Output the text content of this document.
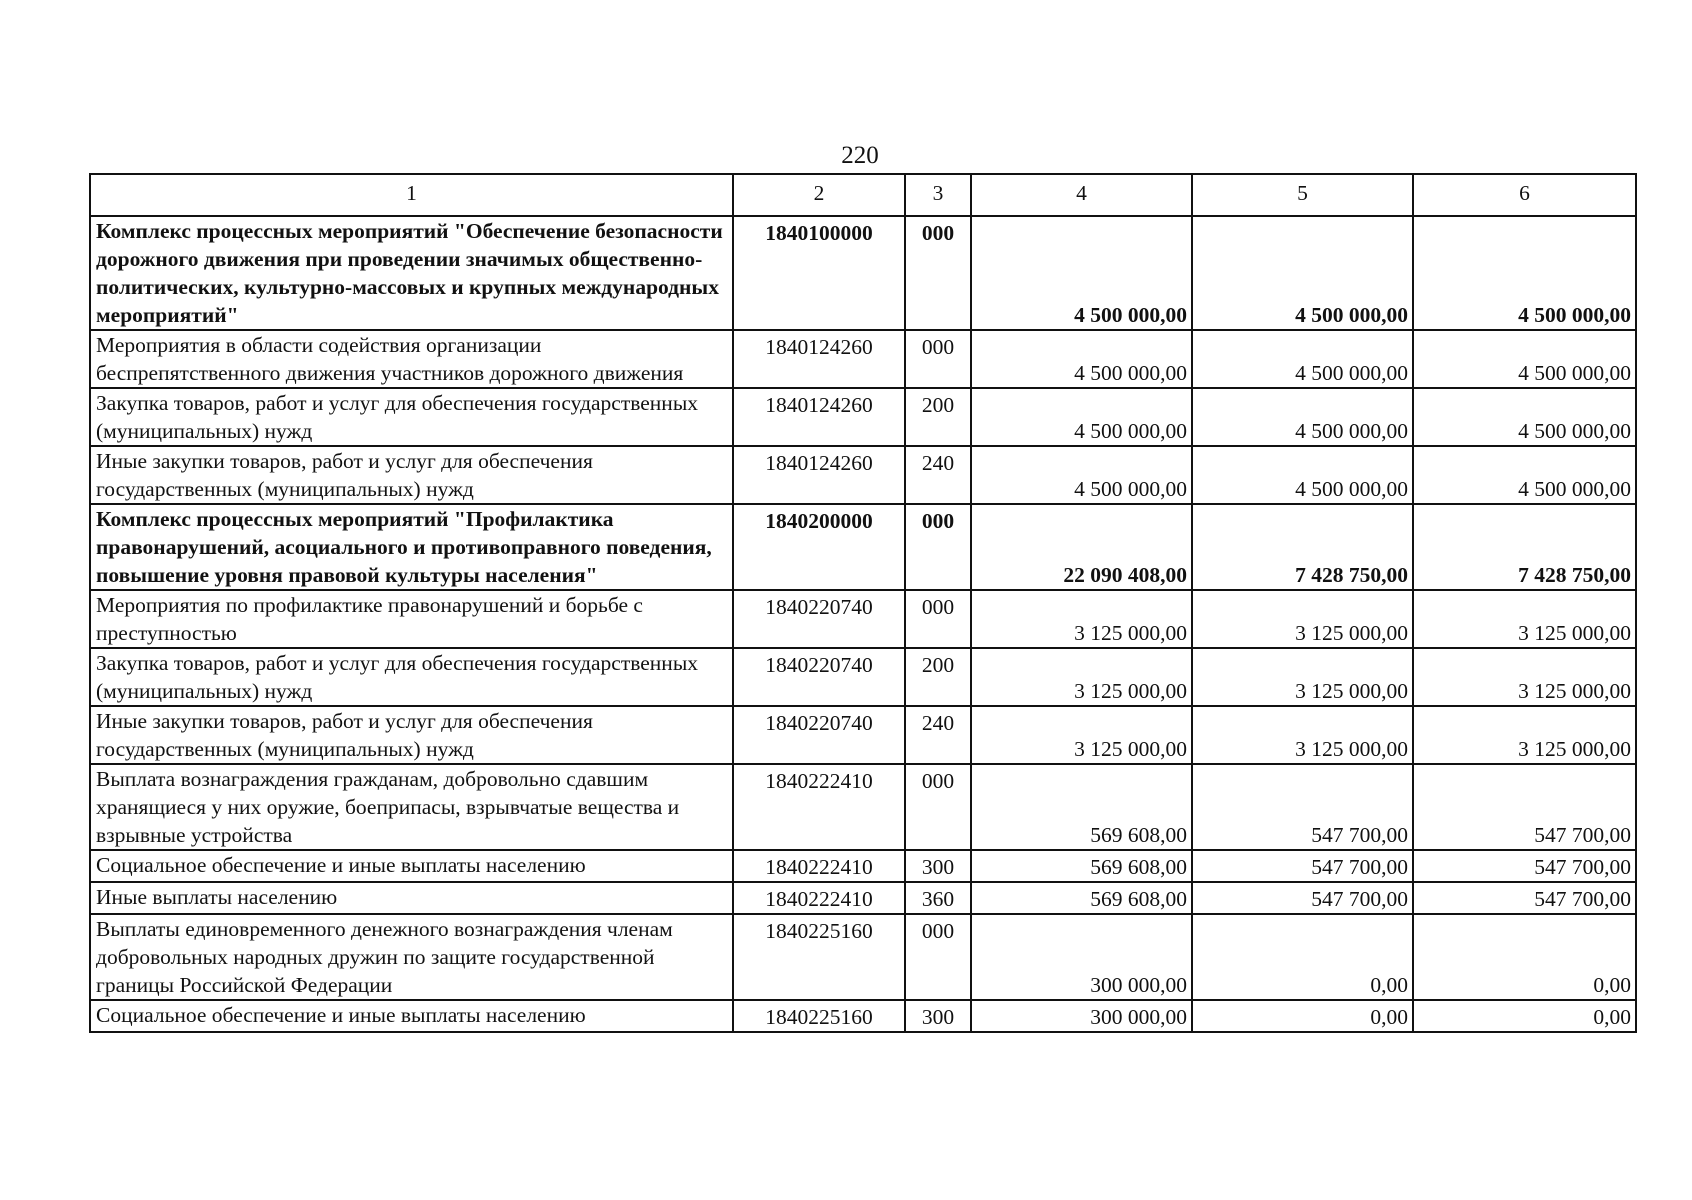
220
1	2	3	4	5	6
Комплекс процессных мероприятий "Обеспечение безопасности дорожного движения при проведении значимых общественно-политических, культурно-массовых и крупных международных мероприятий"	1840100000	000	4 500 000,00	4 500 000,00	4 500 000,00
Мероприятия в области содействия организации беспрепятственного движения участников дорожного движения	1840124260	000	4 500 000,00	4 500 000,00	4 500 000,00
Закупка товаров, работ и услуг для обеспечения государственных (муниципальных) нужд	1840124260	200	4 500 000,00	4 500 000,00	4 500 000,00
Иные закупки товаров, работ и услуг для обеспечения государственных (муниципальных) нужд	1840124260	240	4 500 000,00	4 500 000,00	4 500 000,00
Комплекс процессных мероприятий "Профилактика правонарушений, асоциального и противоправного поведения, повышение уровня правовой культуры населения"	1840200000	000	22 090 408,00	7 428 750,00	7 428 750,00
Мероприятия по профилактике правонарушений и борьбе с преступностью	1840220740	000	3 125 000,00	3 125 000,00	3 125 000,00
Закупка товаров, работ и услуг для обеспечения государственных (муниципальных) нужд	1840220740	200	3 125 000,00	3 125 000,00	3 125 000,00
Иные закупки товаров, работ и услуг для обеспечения государственных (муниципальных) нужд	1840220740	240	3 125 000,00	3 125 000,00	3 125 000,00
Выплата вознаграждения гражданам, добровольно сдавшим хранящиеся у них оружие, боеприпасы, взрывчатые вещества и взрывные устройства	1840222410	000	569 608,00	547 700,00	547 700,00
Социальное обеспечение и иные выплаты населению	1840222410	300	569 608,00	547 700,00	547 700,00
Иные выплаты населению	1840222410	360	569 608,00	547 700,00	547 700,00
Выплаты единовременного денежного вознаграждения членам добровольных народных дружин по защите государственной границы Российской Федерации	1840225160	000	300 000,00	0,00	0,00
Социальное обеспечение и иные выплаты населению	1840225160	300	300 000,00	0,00	0,00
